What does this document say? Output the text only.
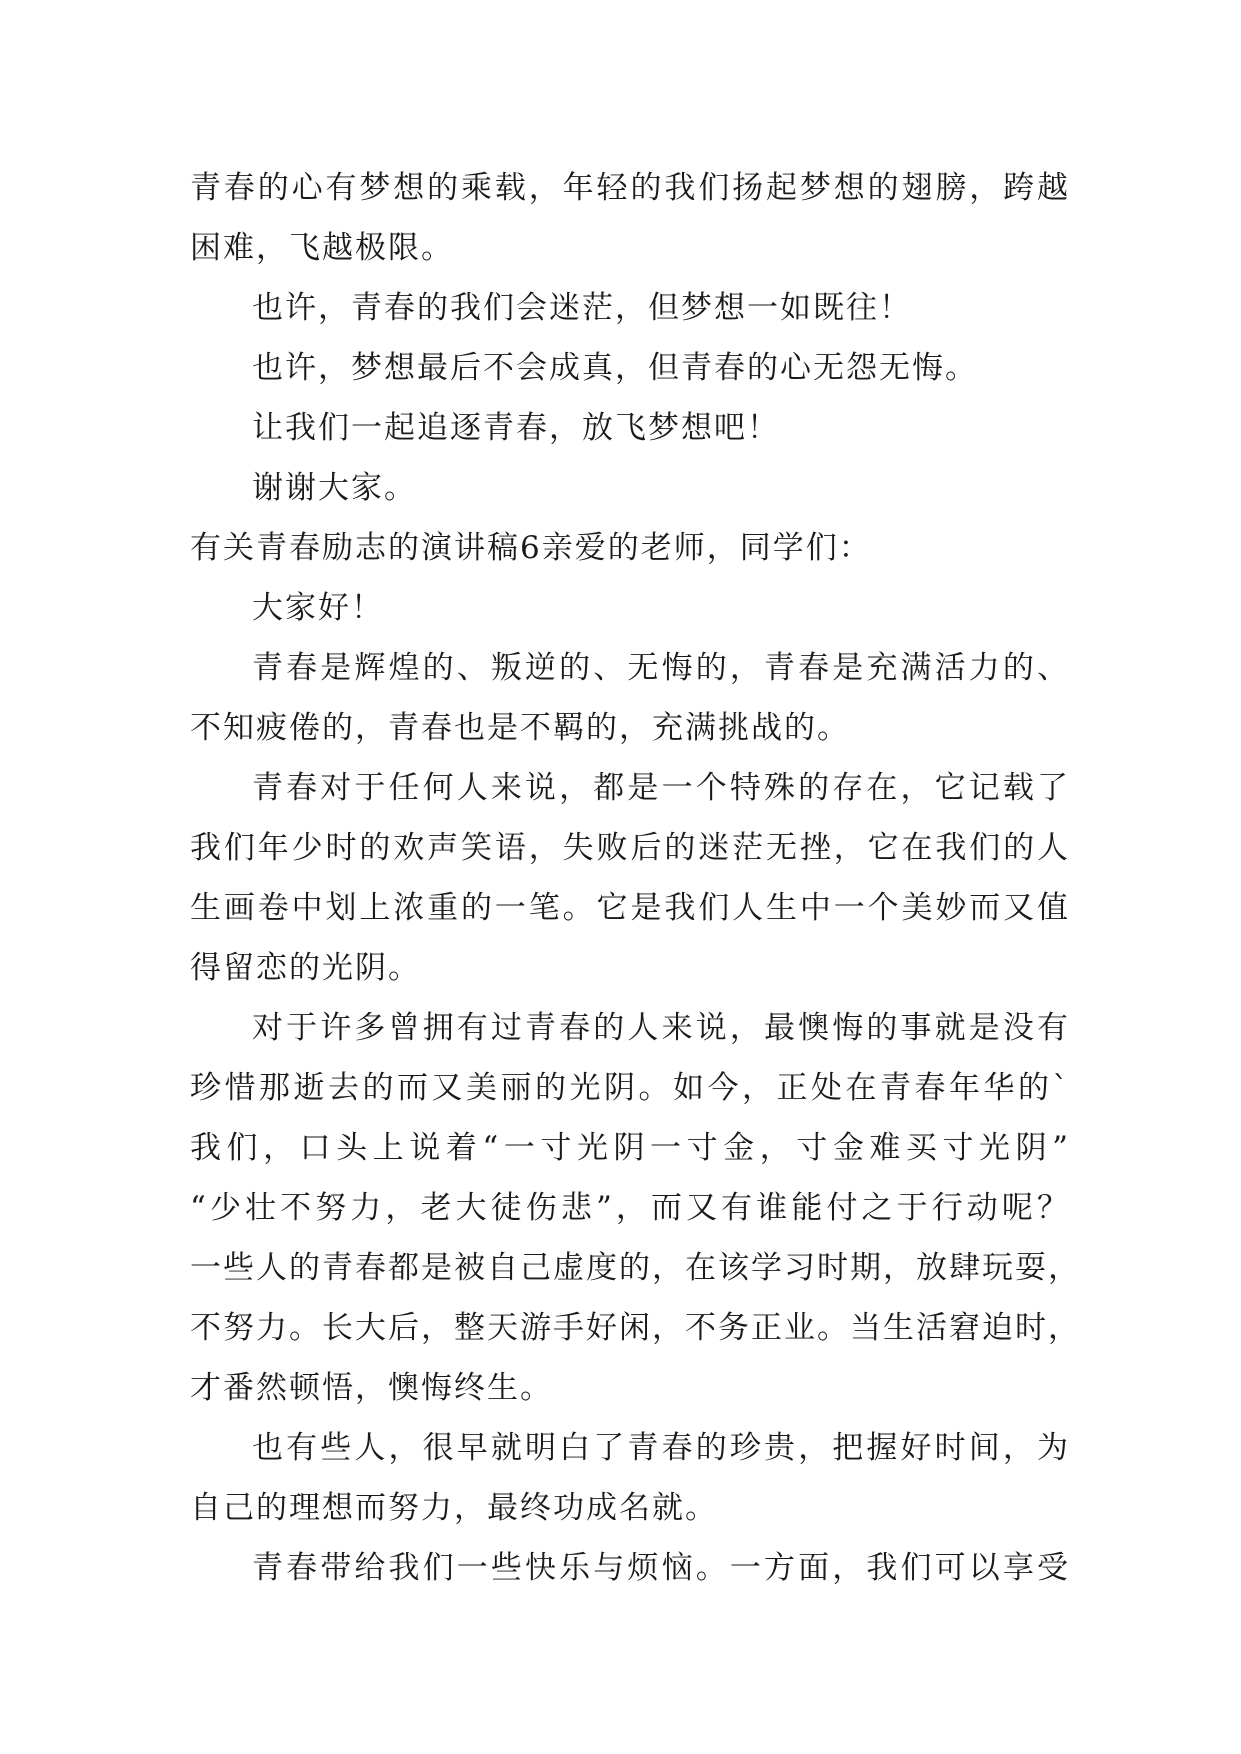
青春的心有梦想的乘载，年轻的我们扬起梦想的翅膀，跨越
困难，飞越极限。
也许，青春的我们会迷茫，但梦想一如既往！
也许，梦想最后不会成真，但青春的心无怨无悔。
让我们一起追逐青春，放飞梦想吧！
谢谢大家。
有关青春励志的演讲稿6亲爱的老师，同学们：
大家好！
青春是辉煌的、叛逆的、无悔的，青春是充满活力的、
不知疲倦的，青春也是不羁的，充满挑战的。
青春对于任何人来说，都是一个特殊的存在，它记载了
我们年少时的欢声笑语，失败后的迷茫无挫，它在我们的人
生画卷中划上浓重的一笔。它是我们人生中一个美妙而又值
得留恋的光阴。
对于许多曾拥有过青春的人来说，最懊悔的事就是没有
珍惜那逝去的而又美丽的光阴。如今，正处在青春年华的`
我们，口头上说着“一寸光阴一寸金，寸金难买寸光阴”
“少壮不努力，老大徒伤悲”，而又有谁能付之于行动呢？
一些人的青春都是被自己虚度的，在该学习时期，放肆玩耍，
不努力。长大后，整天游手好闲，不务正业。当生活窘迫时，
才番然顿悟，懊悔终生。
也有些人，很早就明白了青春的珍贵，把握好时间，为
自己的理想而努力，最终功成名就。
青春带给我们一些快乐与烦恼。一方面，我们可以享受
